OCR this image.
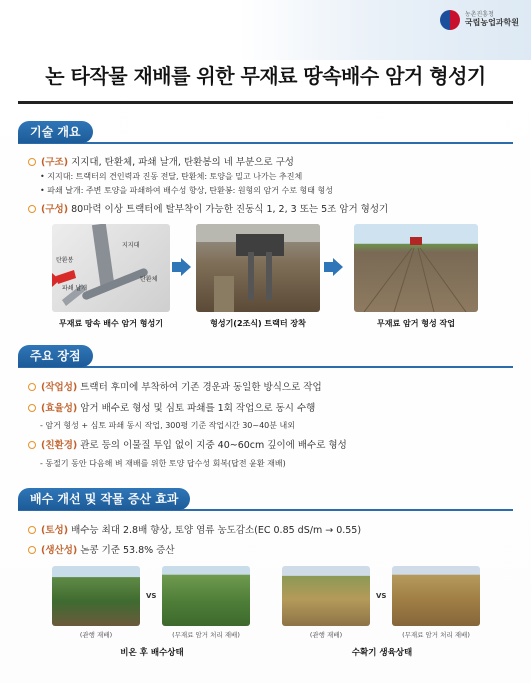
농촌진흥청
국립농업과학원
논 타작물 재배를 위한 무재료 땅속배수 암거 형성기
기술 개요
(구조) 지지대, 탄환체, 파쇄 날개, 탄환봉의 네 부분으로 구성
• 지지대: 트랙터의 견인력과 진동 전달, 탄환체: 토양을 밀고 나가는 추진체
• 파쇄 날개: 주변 토양을 파쇄하여 배수성 향상, 탄환봉: 원형의 암거 수로 형태 형성
(구성) 80마력 이상 트랙터에 탈부착이 가능한 진동식 1, 2, 3 또는 5조 암거 형성기
지지대
탄환체
탄환봉
파쇄 날개
무재료 땅속 배수 암거 형성기	형성기(2조식) 트랙터 장착	무재료 암거 형성 작업
주요 장점
(작업성) 트랙터 후미에 부착하여 기존 경운과 동일한 방식으로 작업
(효율성) 암거 배수로 형성 및 심토 파쇄를 1회 작업으로 동시 수행
- 암거 형성 + 심토 파쇄 동시 작업, 300평 기준 작업시간 30~40분 내외
(친환경) 관로 등의 이물질 투입 없이 지중 40~60cm 깊이에 배수로 형성
- 동절기 동안 다음해 벼 재배를 위한 토양 답수성 회복(답전 윤환 재배)
배수 개선 및 작물 증산 효과
(토성) 배수능 최대 2.8배 향상, 토양 염류 농도감소(EC 0.85 dS/m → 0.55)
(생산성) 논콩 기준 53.8% 증산
VS	VS
(관행 재배)	(무재료 암거 처리 재배)	(관행 재배)	(무재료 암거 처리 재배)
비온 후 배수상태	수확기 생육상태
